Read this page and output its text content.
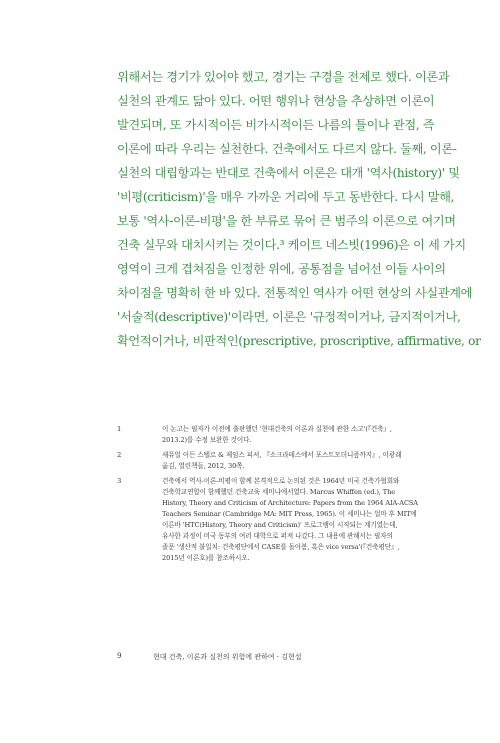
위해서는 경기가 있어야 했고, 경기는 구경을 전제로 했다. 이론과
실천의 관계도 닮아 있다. 어떤 행위나 현상을 추상하면 이론이
발견되며, 또 가시적이든 비가시적이든 나름의 틀이나 관점, 즉
이론에 따라 우리는 실천한다. 건축에서도 다르지 않다. 둘째, 이론-
실천의 대립항과는 반대로 건축에서 이론은 대개 '역사(history)' 및
'비평(criticism)'을 매우 가까운 거리에 두고 동반한다. 다시 말해,
보통 '역사-이론-비평'을 한 부류로 묶어 큰 범주의 이론으로 여기며
건축 실무와 대치시키는 것이다.³ 케이트 네스빗(1996)은 이 세 가지
영역이 크게 겹쳐짐을 인정한 위에, 공통점을 넘어선 이들 사이의
차이점을 명확히 한 바 있다. 전통적인 역사가 어떤 현상의 사실관계에
'서술적(descriptive)'이라면, 이론은 '규정적이거나, 금지적이거나,
확언적이거나, 비판적인(prescriptive, proscriptive, affirmative, or
1	이 논고는 필자가 이전에 출판했던 '현대건축의 이론과 실천에 관한 소고'(『건축』,
2013.2)를 수정 보완한 것이다.
2	새뮤얼 이든 스텔르 & 제임스 피셔, 『소크라테스에서 포스트모더니즘까지』, 이광래
옮김, 열린책들, 2012, 30쪽.
3	건축에서 역사-이론-비평이 함께 본격적으로 논의된 것은 1964년 미국 건축가협회와
건축학교연합이 함께했던 건축교육 세미나에서였다. Marcus Whiffen (ed.), The
History, Theory and Criticism of Architecture: Papers from the 1964 AIA-ACSA
Teachers Seminar (Cambridge MA: MIT Press, 1965). 이 세미나는 얼마 후 MIT에
이른바 'HTC(History, Theory and Criticism)' 프로그램이 시작되는 계기였는데,
유사한 과정이 미국 동부의 여러 대학으로 퍼져 나갔다. 그 내용에 관해서는 필자의
졸문 '생산적 불일치: 건축평단에서 CASE를 돌아봄, 혹은 vice versa'(『건축평단』,
2015년 이른호)를 참조하시오.
9	현대 건축, 이론과 실천의 위험에 관하여 · 김현섭
